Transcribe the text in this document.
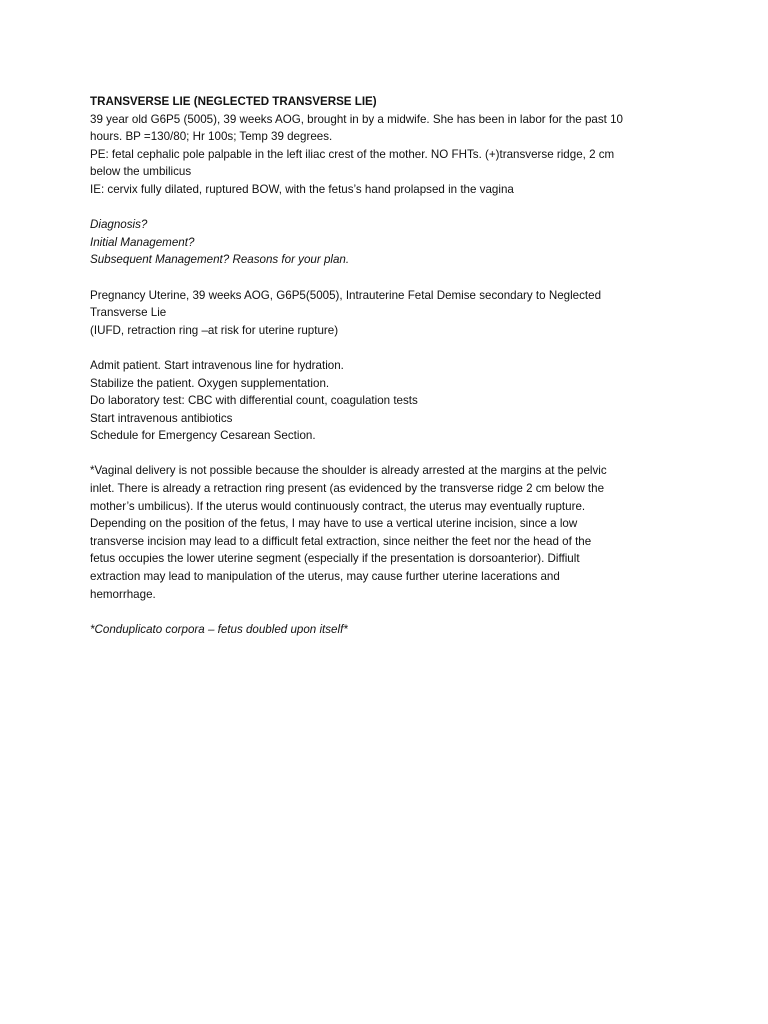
TRANSVERSE LIE (NEGLECTED TRANSVERSE LIE)
39 year old G6P5 (5005), 39 weeks AOG, brought in by a midwife. She has been in labor for the past 10
hours. BP =130/80; Hr 100s; Temp 39 degrees.
PE: fetal cephalic pole palpable in the left iliac crest of the mother. NO FHTs. (+)transverse ridge, 2 cm
below the umbilicus
IE: cervix fully dilated, ruptured BOW, with the fetus’s hand prolapsed in the vagina
Diagnosis?
Initial Management?
Subsequent Management? Reasons for your plan.
Pregnancy Uterine, 39 weeks AOG, G6P5(5005), Intrauterine Fetal Demise secondary to Neglected
Transverse Lie
(IUFD, retraction ring –at risk for uterine rupture)
Admit patient. Start intravenous line for hydration.
Stabilize the patient. Oxygen supplementation.
Do laboratory test: CBC with differential count, coagulation tests
Start intravenous antibiotics
Schedule for Emergency Cesarean Section.
*Vaginal delivery is not possible because the shoulder is already arrested at the margins at the pelvic
inlet. There is already a retraction ring present (as evidenced by the transverse ridge 2 cm below the
mother’s umbilicus). If the uterus would continuously contract, the uterus may eventually rupture.
Depending on the position of the fetus, I may have to use a vertical uterine incision, since a low
transverse incision may lead to a difficult fetal extraction, since neither the feet nor the head of the
fetus occupies the lower uterine segment (especially if the presentation is dorsoanterior). Diffiult
extraction may lead to manipulation of the uterus, may cause further uterine lacerations and
hemorrhage.
*Conduplicato corpora – fetus doubled upon itself*
